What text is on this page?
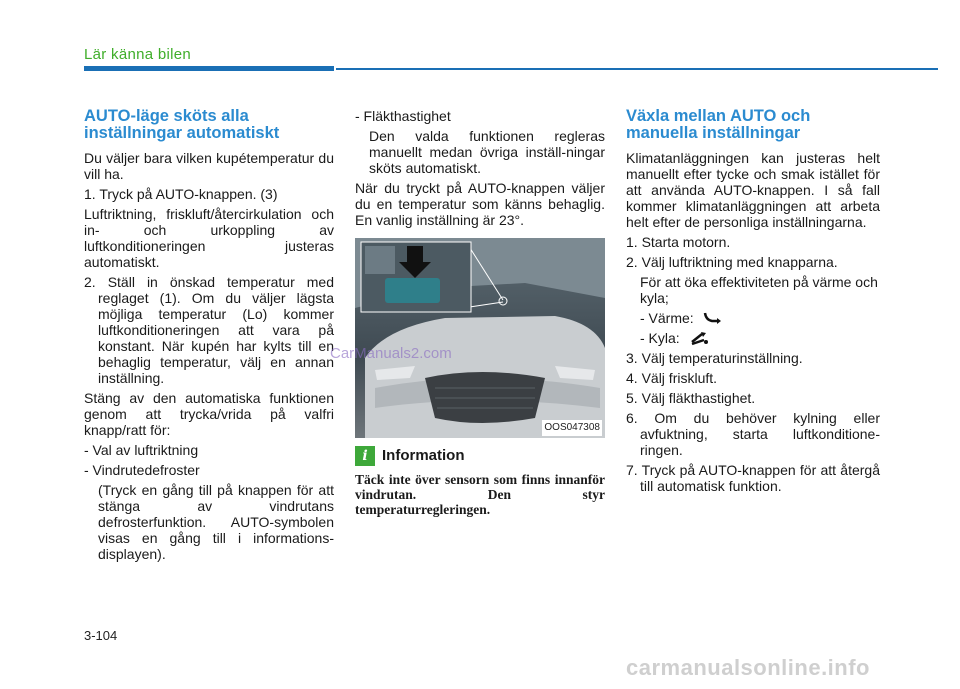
Lär känna bilen
AUTO-läge sköts alla inställningar automatiskt

Du väljer bara vilken kupétemperatur du vill ha.

1. Tryck på AUTO-knappen. (3)

Luftriktning, friskluft/återcirkulation och in- och urkoppling av luftkonditioneringen justeras automatiskt.

2. Ställ in önskad temperatur med reglaget (1). Om du väljer lägsta möjliga temperatur (Lo) kommer luftkonditioneringen att vara på konstant. När kupén har kylts till en behaglig temperatur, välj en annan inställning.

Stäng av den automatiska funktionen genom att trycka/vrida på valfri knapp/ratt för:

- Val av luftriktning

- Vindrutedefroster

(Tryck en gång till på knappen för att stänga av vindrutans defrosterfunktion. AUTO-symbolen visas en gång till i informations-displayen).

- Fläkthastighet

Den valda funktionen regleras manuellt medan övriga inställ-ningar sköts automatiskt.

När du tryckt på AUTO-knappen väljer du en temperatur som känns behaglig. En vanlig inställning är 23°.

OOS047308
i Information
Täck inte över sensorn som finns innanför vindrutan. Den styr temperaturregleringen.
Växla mellan AUTO och manuella inställningar

Klimatanläggningen kan justeras helt manuellt efter tycke och smak istället för att använda AUTO-knappen. I så fall kommer klimatanläggningen att arbeta helt efter de personliga inställningarna.

1. Starta motorn.

2. Välj luftriktning med knapparna.

För att öka effektiviteten på värme och kyla;

- Värme:
- Kyla:

3. Välj temperaturinställning.

4. Välj friskluft.

5. Välj fläkthastighet.

6. Om du behöver kylning eller avfuktning, starta luftkonditione-ringen.

7. Tryck på AUTO-knappen för att återgå till automatisk funktion.

CarManuals2.com
3-104
carmanualsonline.info
